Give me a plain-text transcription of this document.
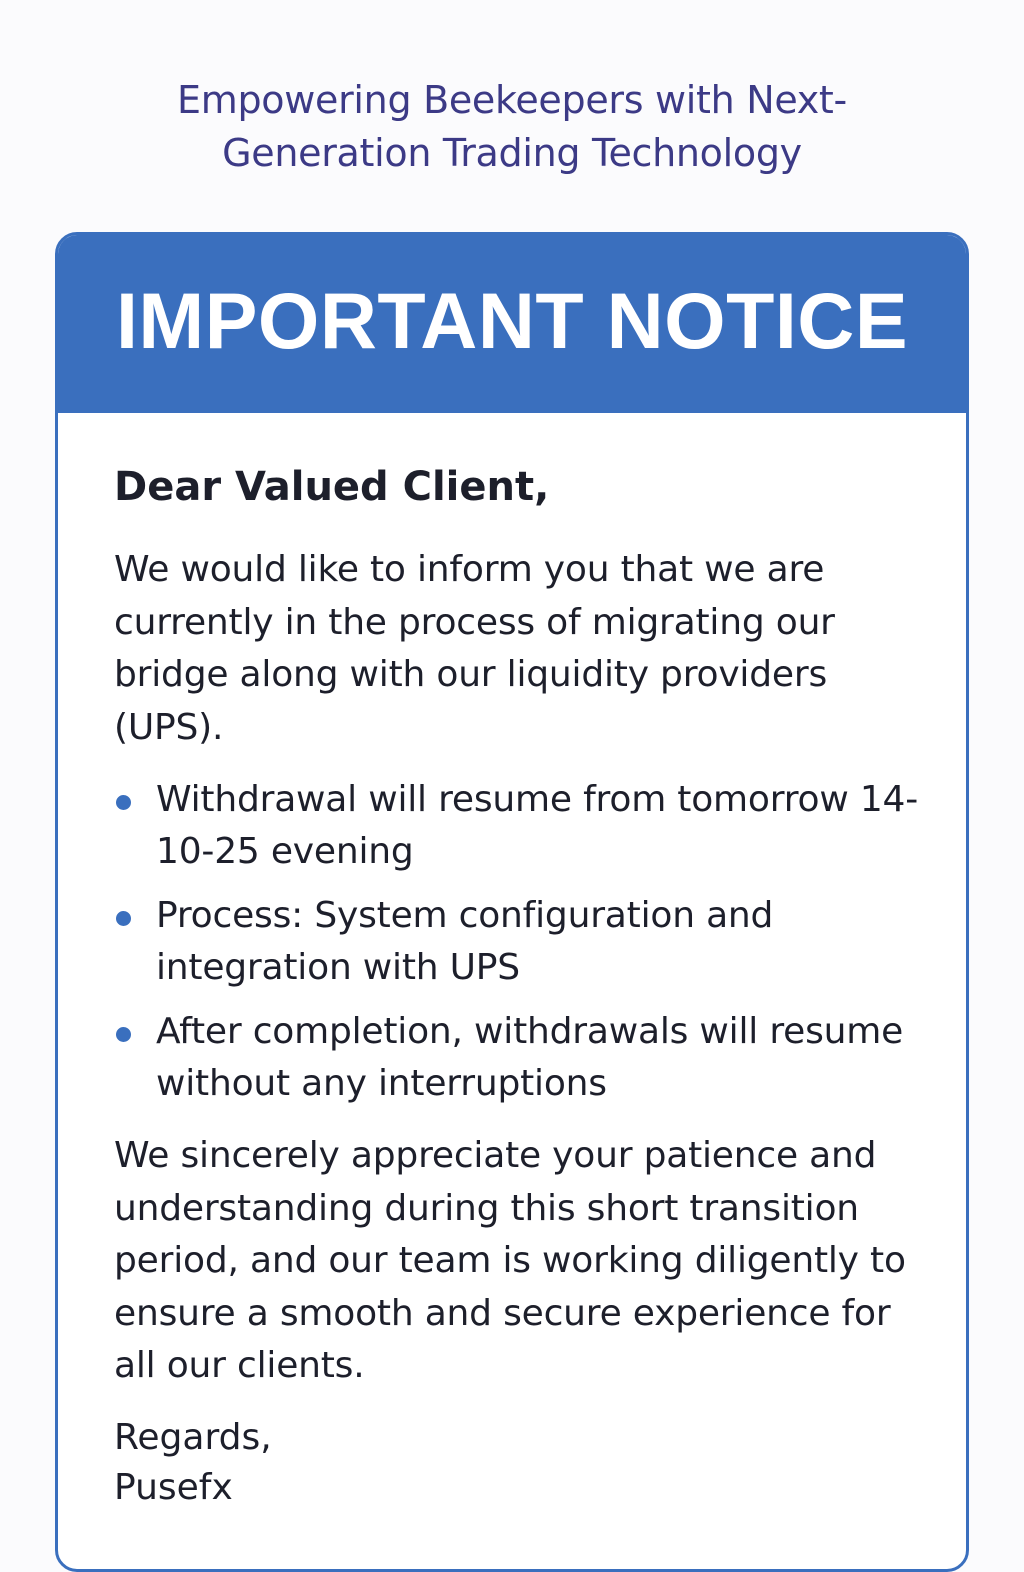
Empowering Beekeepers with Next-Generation Trading Technology
IMPORTANT NOTICE
Dear Valued Client,
We would like to inform you that we are currently in the process of migrating our bridge along with our liquidity providers (UPS).
Withdrawal will resume from tomorrow 14-10-25 evening
Process: System configuration and integration with UPS
After completion, withdrawals will resume without any interruptions
We sincerely appreciate your patience and understanding during this short transition period, and our team is working diligently to ensure a smooth and secure experience for all our clients.
Regards,
Pusefx
